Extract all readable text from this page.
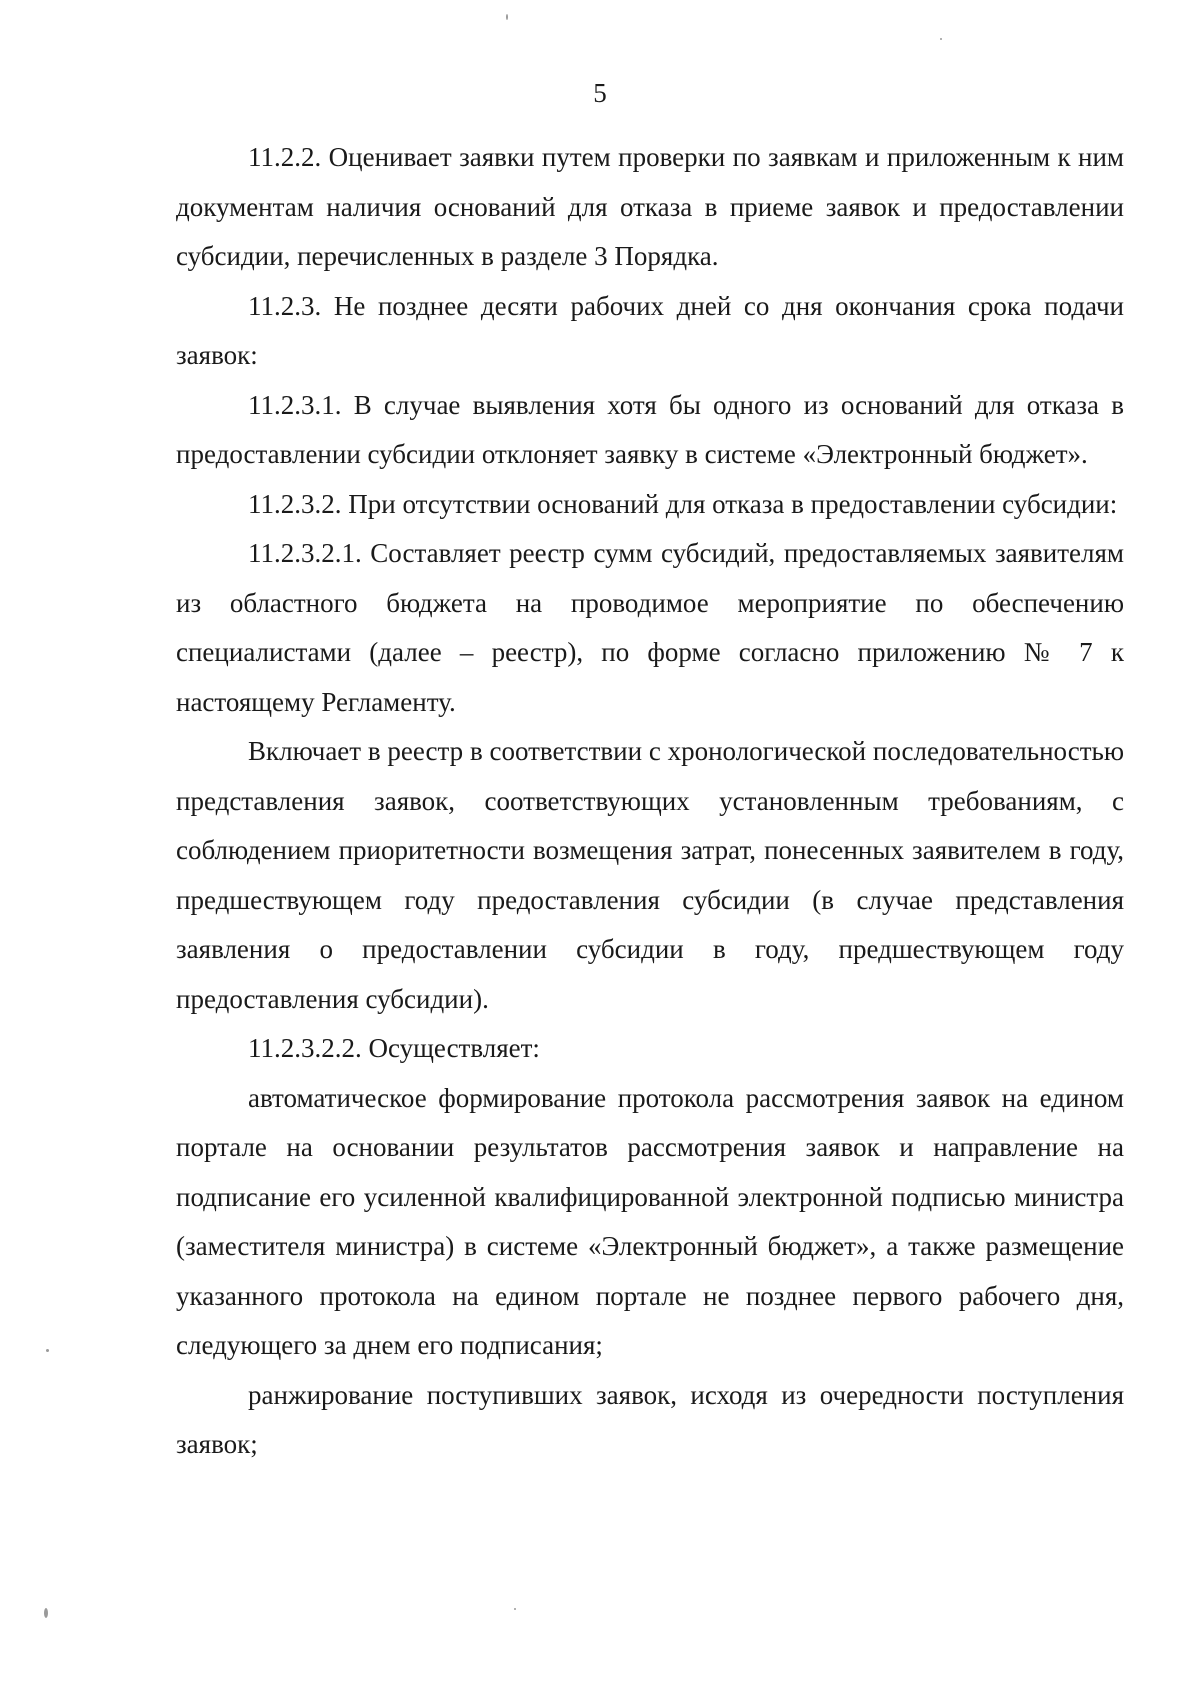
5

11.2.2. Оценивает заявки путем проверки по заявкам и приложенным к ним документам наличия оснований для отказа в приеме заявок и предоставлении субсидии, перечисленных в разделе 3 Порядка.

11.2.3. Не позднее десяти рабочих дней со дня окончания срока подачи заявок:

11.2.3.1. В случае выявления хотя бы одного из оснований для отказа в предоставлении субсидии отклоняет заявку в системе «Электронный бюджет».

11.2.3.2. При отсутствии оснований для отказа в предоставлении субсидии:

11.2.3.2.1. Составляет реестр сумм субсидий, предоставляемых заявителям из областного бюджета на проводимое мероприятие по обеспечению специалистами (далее – реестр), по форме согласно приложению № 7 к настоящему Регламенту.

Включает в реестр в соответствии с хронологической последовательностью представления заявок, соответствующих установленным требованиям, с соблюдением приоритетности возмещения затрат, понесенных заявителем в году, предшествующем году предоставления субсидии (в случае представления заявления о предоставлении субсидии в году, предшествующем году предоставления субсидии).

11.2.3.2.2. Осуществляет:

автоматическое формирование протокола рассмотрения заявок на едином портале на основании результатов рассмотрения заявок и направление на подписание его усиленной квалифицированной электронной подписью министра (заместителя министра) в системе «Электронный бюджет», а также размещение указанного протокола на едином портале не позднее первого рабочего дня, следующего за днем его подписания;

ранжирование поступивших заявок, исходя из очередности поступления заявок;
